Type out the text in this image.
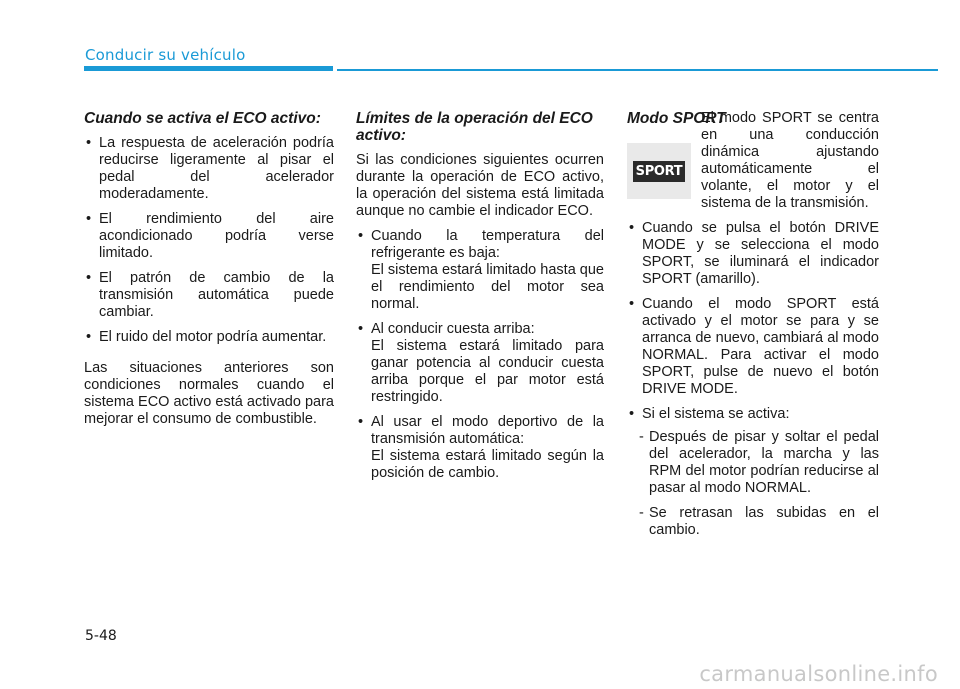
Conducir su vehículo
Cuando se activa el ECO activo:
• La respuesta de aceleración podría reducirse ligeramente al pisar el pedal del acelerador moderadamente.
• El rendimiento del aire acondicionado podría verse limitado.
• El patrón de cambio de la transmisión automática puede cambiar.
• El ruido del motor podría aumentar.

Las situaciones anteriores son condiciones normales cuando el sistema ECO activo está activado para mejorar el consumo de combustible.

Límites de la operación del ECO activo:

Si las condiciones siguientes ocurren durante la operación de ECO activo, la operación del sistema está limitada aunque no cambie el indicador ECO.

• Cuando la temperatura del refrigerante es baja:

El sistema estará limitado hasta que el rendimiento del motor sea normal.

• Al conducir cuesta arriba:

El sistema estará limitado para ganar potencia al conducir cuesta arriba porque el par motor está restringido.

• Al usar el modo deportivo de la transmisión automática:

El sistema estará limitado según la posición de cambio.

Modo SPORT
SPORT

El modo SPORT se centra en una conducción dinámica ajustando automáticamente el volante, el motor y el sistema de la transmisión.

• Cuando se pulsa el botón DRIVE MODE y se selecciona el modo SPORT, se iluminará el indicador SPORT (amarillo).
• Cuando el modo SPORT está activado y el motor se para y se arranca de nuevo, cambiará al modo NORMAL. Para activar el modo SPORT, pulse de nuevo el botón DRIVE MODE.
• Si el sistema se activa:
- Después de pisar y soltar el pedal del acelerador, la marcha y las RPM del motor podrían reducirse al pasar al modo NORMAL.
- Se retrasan las subidas en el cambio.
5-48
carmanualsonline.info
